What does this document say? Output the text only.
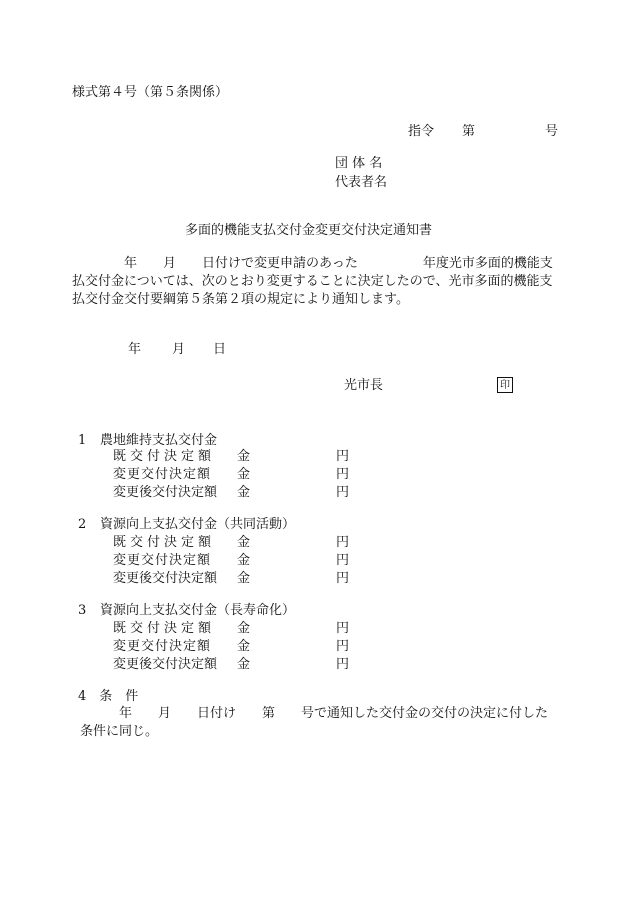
様式第４号（第５条関係）
指令 第	号
団 体 名
代表者名
多面的機能支払交付金変更交付決定通知書
　　　　年　　月　　日付けで変更申請のあった　　　　　年度光市多面的機能支払交付金については、次のとおり変更することに決定したので、光市多面的機能支払交付金交付要綱第５条第２項の規定により通知します。
年 月 日
光市長	印
1 農地維持支払交付金
既交付決定額 金	円
変更交付決定額 金	円
変更後交付決定額 金	円
2 資源向上支払交付金（共同活動）
既交付決定額 金	円
変更交付決定額 金	円
変更後交付決定額 金	円
3 資源向上支払交付金（長寿命化）
既交付決定額 金	円
変更交付決定額 金	円
変更後交付決定額 金	円
4　条　件
　　　年　　月　　日付け　　第　　号で通知した交付金の交付の決定に付した条件に同じ。
